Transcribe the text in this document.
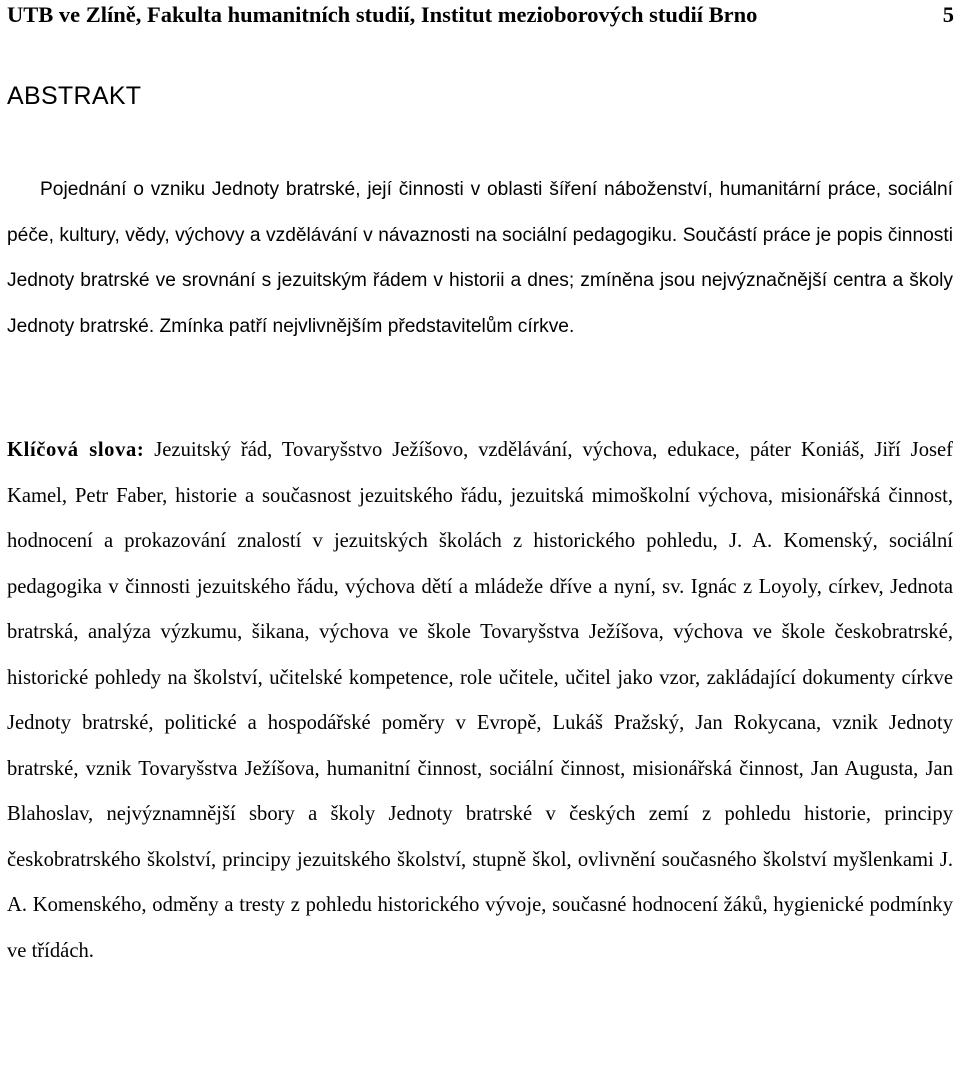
UTB ve Zlíně, Fakulta humanitních studií, Institut mezioborových studií Brno	5
ABSTRAKT

Pojednání o vzniku Jednoty bratrské, její činnosti v oblasti šíření náboženství, humanitární práce, sociální péče, kultury, vědy, výchovy a vzdělávání v návaznosti na sociální pedagogiku. Součástí práce je popis činnosti Jednoty bratrské ve srovnání s jezuitským řádem v historii a dnes; zmíněna jsou nejvýznačnější centra a školy Jednoty bratrské. Zmínka patří nejvlivnějším představitelům církve.

Klíčová slova: Jezuitský řád, Tovaryšstvo Ježíšovo, vzdělávání, výchova, edukace, páter Koniáš, Jiří Josef Kamel, Petr Faber, historie a současnost jezuitského řádu, jezuitská mimoškolní výchova, misionářská činnost, hodnocení a prokazování znalostí v jezuitských školách z historického pohledu, J. A. Komenský, sociální pedagogika v činnosti jezuitského řádu, výchova dětí a mládeže dříve a nyní, sv. Ignác z Loyoly, církev, Jednota bratrská, analýza výzkumu, šikana, výchova ve škole Tovaryšstva Ježíšova, výchova ve škole českobratrské, historické pohledy na školství, učitelské kompetence, role učitele, učitel jako vzor, zakládající dokumenty církve Jednoty bratrské, politické a hospodářské poměry v Evropě, Lukáš Pražský, Jan Rokycana, vznik Jednoty bratrské, vznik Tovaryšstva Ježíšova, humanitní činnost, sociální činnost, misionářská činnost, Jan Augusta, Jan Blahoslav, nejvýznamnější sbory a školy Jednoty bratrské v českých zemí z pohledu historie, principy českobratrského školství, principy jezuitského školství, stupně škol, ovlivnění současného školství myšlenkami J. A. Komenského, odměny a tresty z pohledu historického vývoje, současné hodnocení žáků, hygienické podmínky ve třídách.
